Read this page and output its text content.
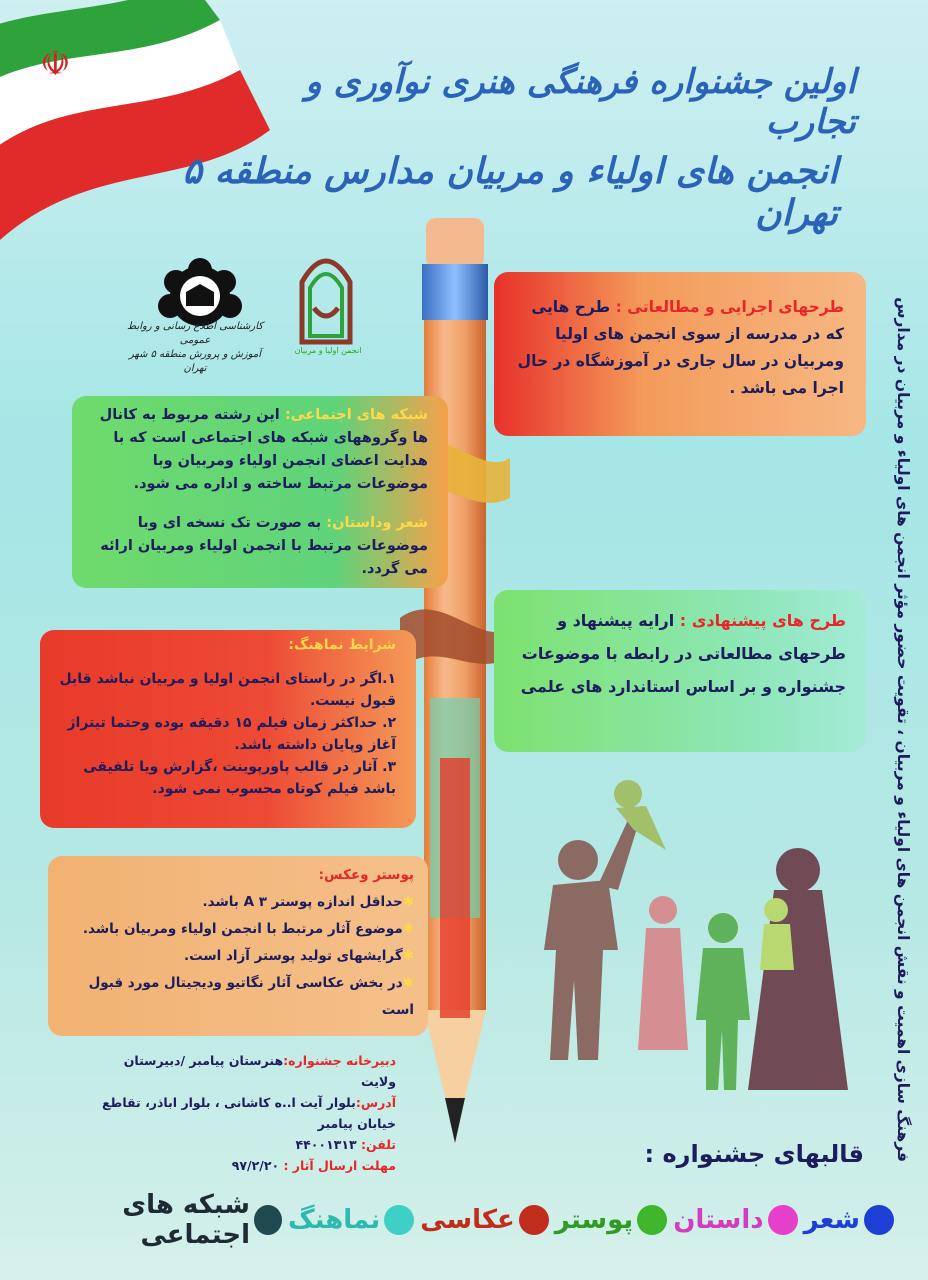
☫	اولین جشنواره فرهنگی هنری نوآوری و تجارب
انجمن های اولیاء و مربیان مدارس منطقه ۵ تهران
کارشناسی اطلاع رسانی و روابط عمومی
آموزش و پرورش منطقه ۵ شهر تهران
انجمن اولیا و مربیان
طرحهای اجرایی و مطالعاتی : طرح هایی که در مدرسه از سوی انجمن های اولیا ومربیان در سال جاری در آموزشگاه در حال اجرا می باشد .
شبکه های اجتماعی: این رشته مربوط به کانال ها وگروههای شبکه های اجتماعی است که با هدایت اعضای انجمن اولیاء ومربیان وبا موضوعات مرتبط ساخته و اداره می شود.
شعر وداستان: به صورت تک نسخه ای وبا موضوعات مرتبط با انجمن اولیاء ومربیان ارائه می گردد.
طرح های پیشنهادی : ارایه پیشنهاد و طرحهای مطالعاتی در رابطه با موضوعات جشنواره و بر اساس استاندارد های علمی
شرایط نماهنگ:
۱.اگر در راستای انجمن اولیا و مربیان نباشد قابل قبول نیست.
۲. حداکثر زمان فیلم ۱۵ دقیقه بوده وحتما تیتراژ آغاز وپایان داشته باشد.
۳. آثار در قالب پاورپوینت ،گزارش ویا تلفیقی باشد فیلم کوتاه محسوب نمی شود.
پوستر وعکس:
✱حداقل اندازه پوستر A ۳ باشد.
✱موضوع آثار مرتبط با انجمن اولیاء ومربیان باشد.
✱گرایشهای تولید پوستر آزاد است.
✱در بخش عکاسی آثار نگاتیو ودیجیتال مورد قبول است	فرهنگ سازی اهمیت و نقش انجمن های اولیاء و مربیان ، تقویت حضور مؤثر انجمن های اولیاء و مربیان در مدارس
دبیرخانه جشنواره:هنرستان پیامبر /دبیرستان ولایت
آدرس:بلوار آیت ا..ه کاشانی ، بلوار اباذر، تقاطع خیابان پیامبر
تلفن: ۴۴۰۰۱۳۱۳
مهلت ارسال آثار : ۹۷/۲/۲۰	قالبهای جشنواره :
شعر
داستان
پوستر
عکاسی
نماهنگ
شبکه های اجتماعی
